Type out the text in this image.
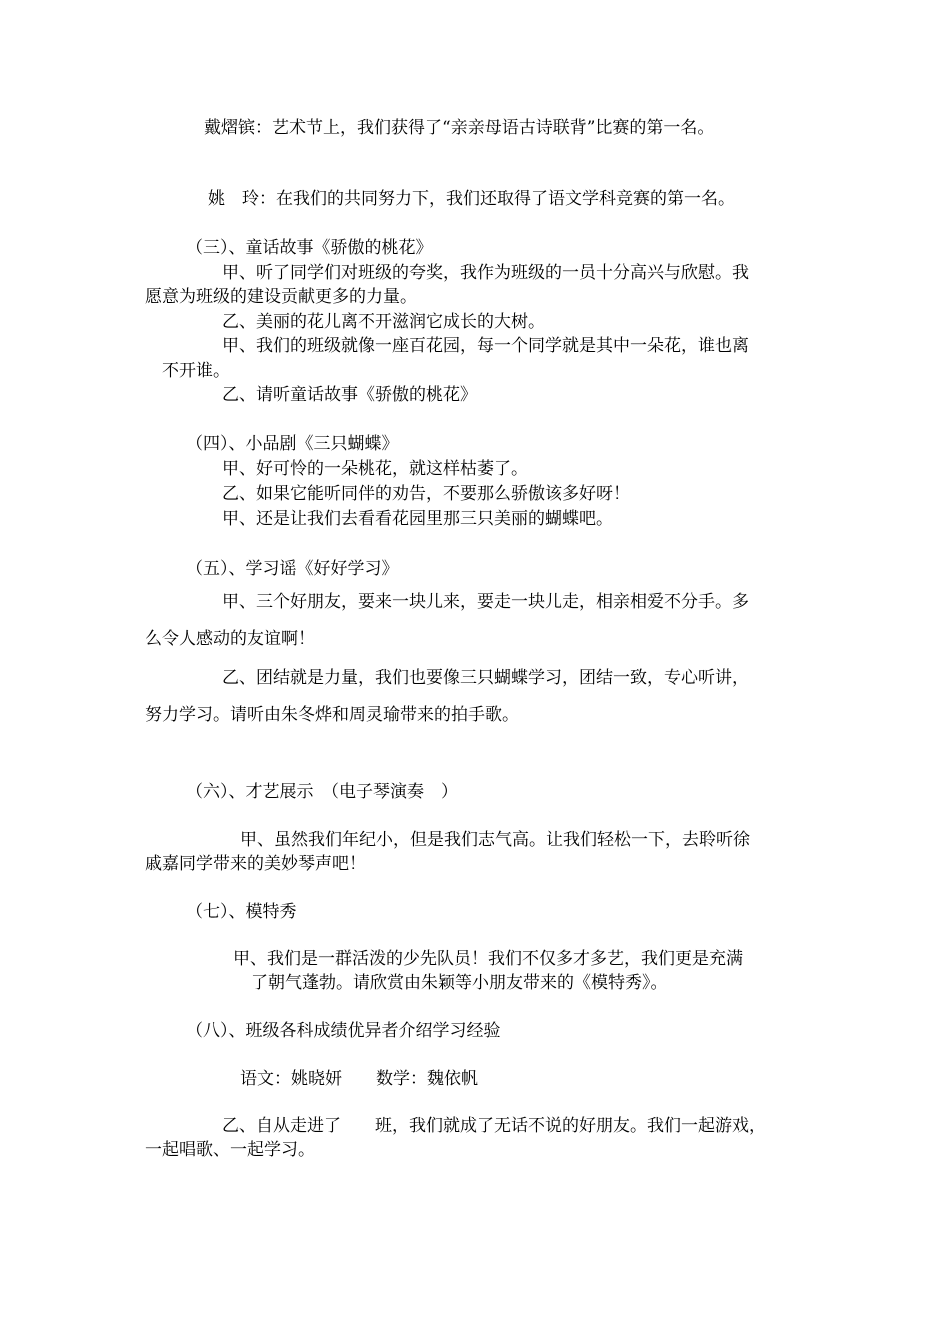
戴熠镔：艺术节上，我们获得了“亲亲母语古诗联背”比赛的第一名。
姚　玲：在我们的共同努力下，我们还取得了语文学科竞赛的第一名。
（三）、童话故事《骄傲的桃花》
甲、听了同学们对班级的夸奖，我作为班级的一员十分高兴与欣慰。我
愿意为班级的建设贡献更多的力量。
乙、美丽的花儿离不开滋润它成长的大树。
甲、我们的班级就像一座百花园，每一个同学就是其中一朵花，谁也离
不开谁。
乙、请听童话故事《骄傲的桃花》
（四）、小品剧《三只蝴蝶》
甲、好可怜的一朵桃花，就这样枯萎了。
乙、如果它能听同伴的劝告，不要那么骄傲该多好呀！
甲、还是让我们去看看花园里那三只美丽的蝴蝶吧。
（五）、学习谣《好好学习》
甲、三个好朋友，要来一块儿来，要走一块儿走，相亲相爱不分手。多
么令人感动的友谊啊！
乙、团结就是力量，我们也要像三只蝴蝶学习，团结一致，专心听讲，
努力学习。请听由朱冬烨和周灵瑜带来的拍手歌。
（六）、才艺展示　（电子琴演奏　）
甲、虽然我们年纪小，但是我们志气高。让我们轻松一下，去聆听徐
戚嘉同学带来的美妙琴声吧！
（七）、模特秀
甲、我们是一群活泼的少先队员！我们不仅多才多艺，我们更是充满
了朝气蓬勃。请欣赏由朱颖等小朋友带来的《模特秀》。
（八）、班级各科成绩优异者介绍学习经验
语文：姚晓妍　　数学：魏依帆
乙、自从走进了　　班，我们就成了无话不说的好朋友。我们一起游戏，
一起唱歌、一起学习。
